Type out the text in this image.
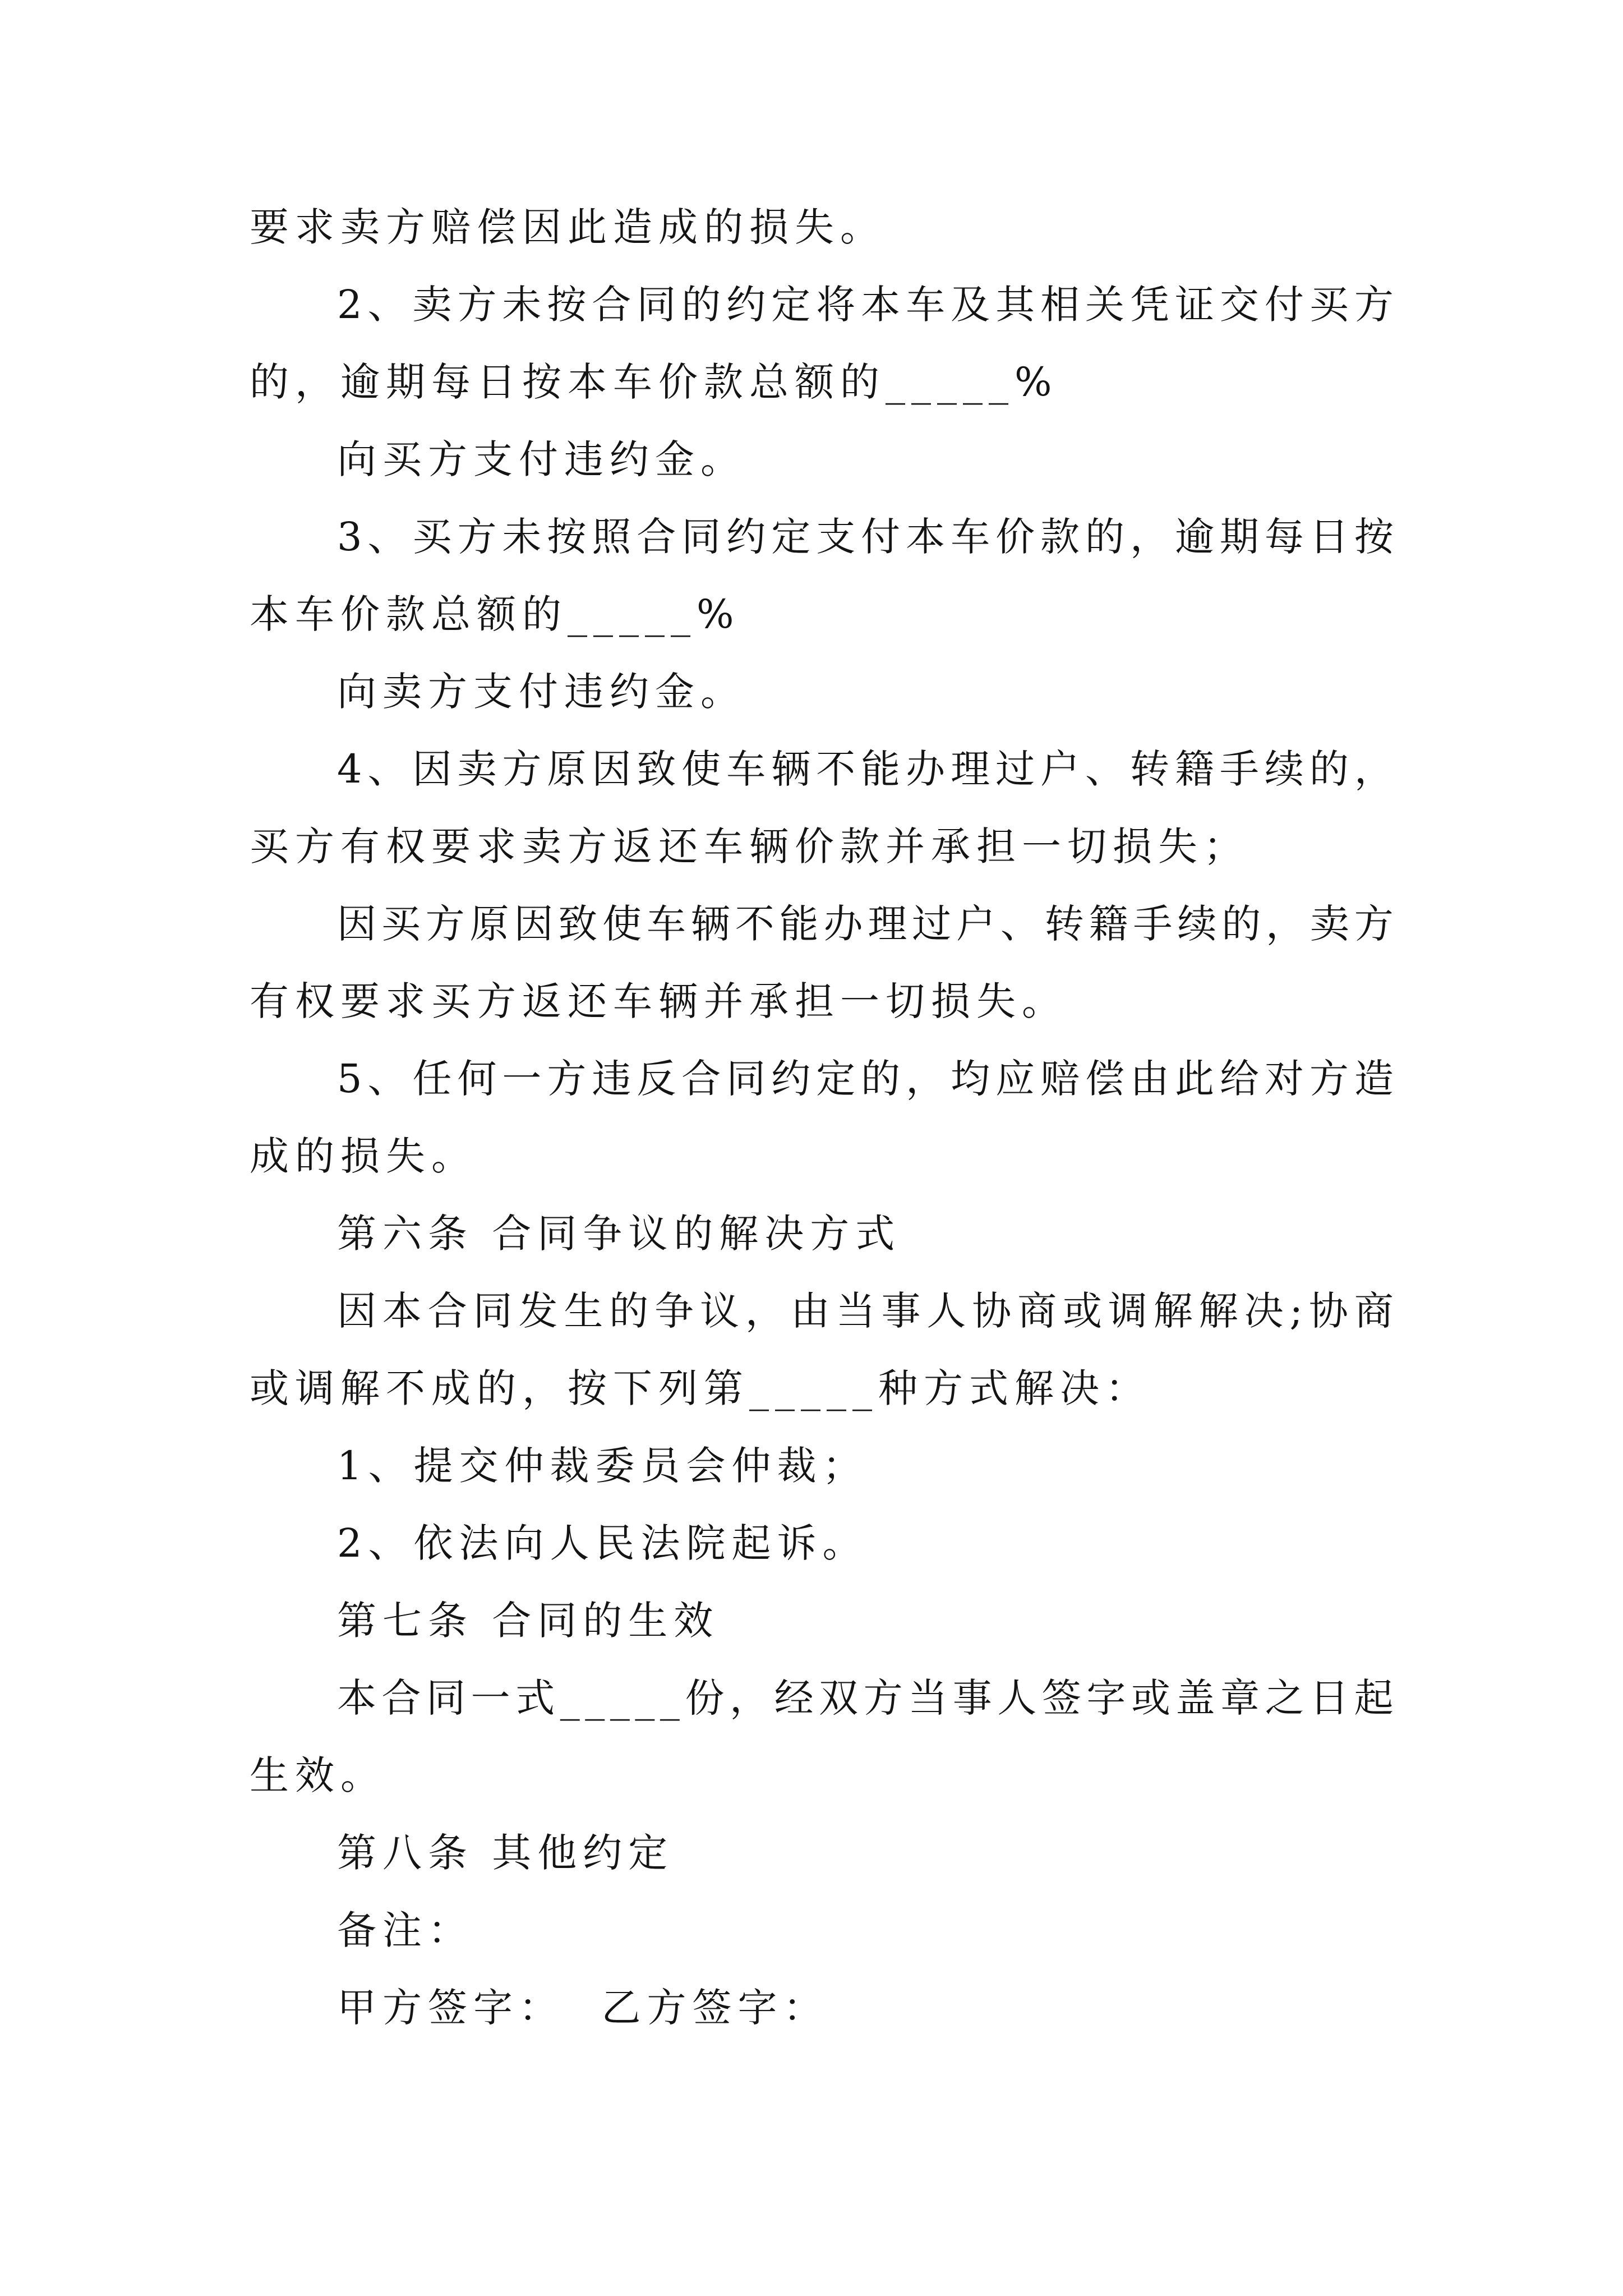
要求卖方赔偿因此造成的损失。
2 、 卖 方 未 按 合 同 的 约 定 将 本 车 及 其 相 关 凭 证 交 付 买 方
的，逾期每日按本车价款总额的_____%
向买方支付违约金。
3 、 买 方 未 按 照 合 同 约 定 支 付 本 车 价 款 的 ， 逾 期 每 日 按
本车价款总额的_____%
向卖方支付违约金。
4 、 因 卖 方 原 因 致 使 车 辆 不 能 办 理 过 户 、 转 籍 手 续 的 ，
买方有权要求卖方返还车辆价款并承担一切损失；
因 买 方 原 因 致 使 车 辆 不 能 办 理 过 户 、 转 籍 手 续 的 ， 卖 方
有权要求买方返还车辆并承担一切损失。
5 、 任 何 一 方 违 反 合 同 约 定 的 ， 均 应 赔 偿 由 此 给 对 方 造
成的损失。
第六条 合同争议的解决方式
因 本 合 同 发 生 的 争 议 ， 由 当 事 人 协 商 或 调 解 解 决 ; 协 商
或调解不成的，按下列第_____种方式解决：
1、提交仲裁委员会仲裁；
2、依法向人民法院起诉。
第七条 合同的生效
本 合 同 一 式 _ _ _ _ _ 份 ， 经 双 方 当 事 人 签 字 或 盖 章 之 日 起
生效。
第八条 其他约定
备注：
甲方签字：  乙方签字：
